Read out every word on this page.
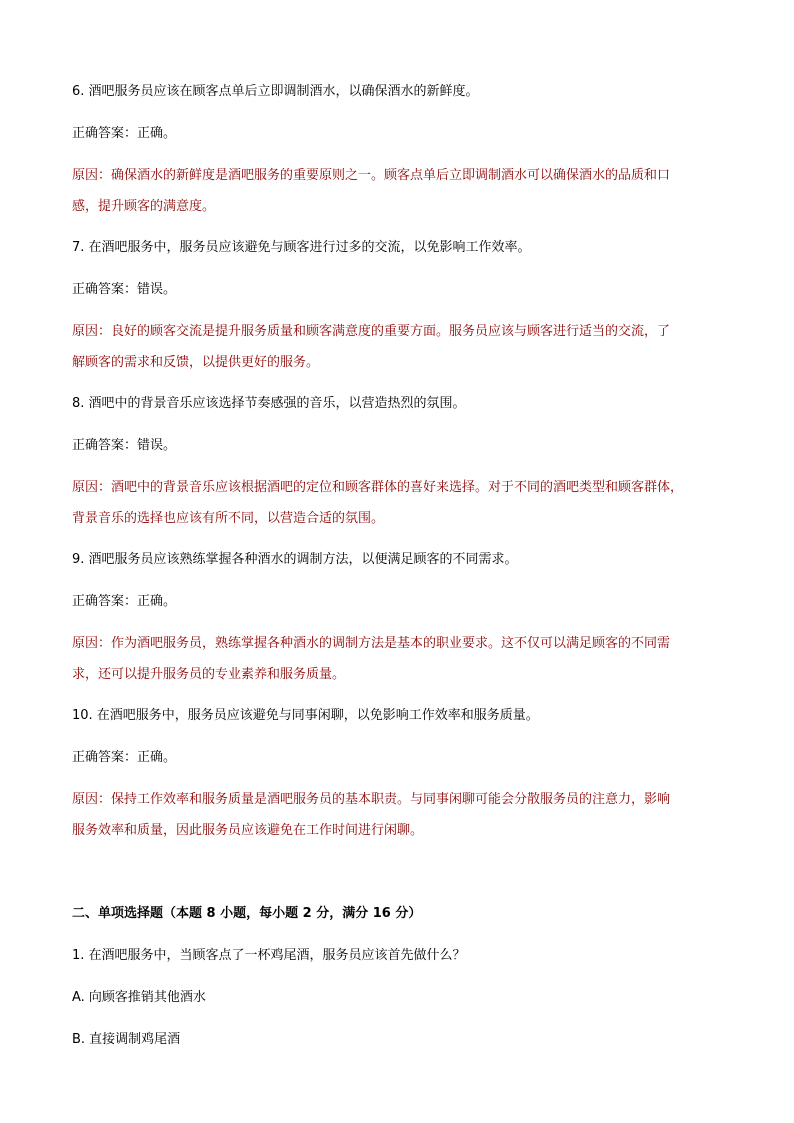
6. 酒吧服务员应该在顾客点单后立即调制酒水，以确保酒水的新鲜度。
正确答案：正确。
原因：确保酒水的新鲜度是酒吧服务的重要原则之一。顾客点单后立即调制酒水可以确保酒水的品质和口
感，提升顾客的满意度。
7. 在酒吧服务中，服务员应该避免与顾客进行过多的交流，以免影响工作效率。
正确答案：错误。
原因：良好的顾客交流是提升服务质量和顾客满意度的重要方面。服务员应该与顾客进行适当的交流，了
解顾客的需求和反馈，以提供更好的服务。
8. 酒吧中的背景音乐应该选择节奏感强的音乐，以营造热烈的氛围。
正确答案：错误。
原因：酒吧中的背景音乐应该根据酒吧的定位和顾客群体的喜好来选择。对于不同的酒吧类型和顾客群体，
背景音乐的选择也应该有所不同，以营造合适的氛围。
9. 酒吧服务员应该熟练掌握各种酒水的调制方法，以便满足顾客的不同需求。
正确答案：正确。
原因：作为酒吧服务员，熟练掌握各种酒水的调制方法是基本的职业要求。这不仅可以满足顾客的不同需
求，还可以提升服务员的专业素养和服务质量。
10. 在酒吧服务中，服务员应该避免与同事闲聊，以免影响工作效率和服务质量。
正确答案：正确。
原因：保持工作效率和服务质量是酒吧服务员的基本职责。与同事闲聊可能会分散服务员的注意力，影响
服务效率和质量，因此服务员应该避免在工作时间进行闲聊。
二、单项选择题（本题 8 小题，每小题 2 分，满分 16 分）
1. 在酒吧服务中，当顾客点了一杯鸡尾酒，服务员应该首先做什么？
A. 向顾客推销其他酒水
B. 直接调制鸡尾酒
